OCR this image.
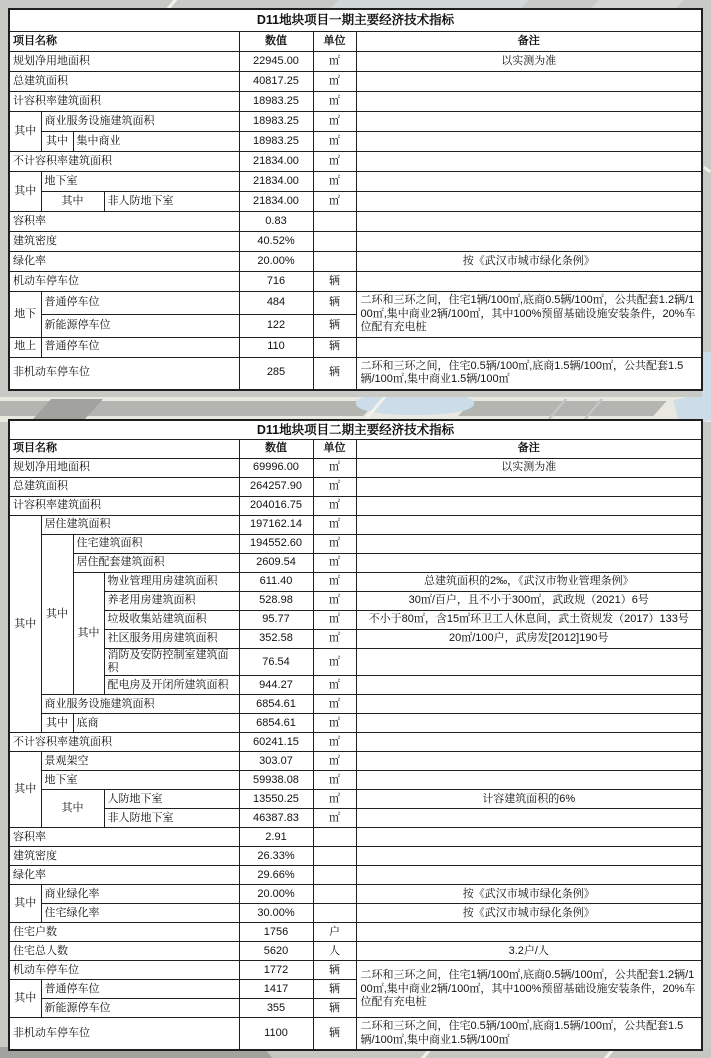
D11地块项目一期主要经济技术指标						
项目名称				数值	单位	备注
规划净用地面积				22945.00	㎡	以实测为准
总建筑面积				40817.25	㎡	
计容积率建筑面积				18983.25	㎡	
其中	商业服务设施建筑面积			18983.25	㎡	
	其中	集中商业		18983.25	㎡	
不计容积率建筑面积				21834.00	㎡	
其中	地下室			21834.00	㎡	
	其中		非人防地下室	21834.00	㎡	
容积率				0.83		
建筑密度				40.52%		
绿化率				20.00%		按《武汉市城市绿化条例》
机动车停车位				716	辆	
地下	普通停车位			484	辆	二环和三环之间，住宅1辆/100㎡,底商0.5辆/100㎡，公共配套1.2辆/100㎡,集中商业2辆/100㎡，其中100%预留基础设施安装条件，20%车位配有充电桩
	新能源停车位			122	辆	
地上	普通停车位			110	辆	
非机动车停车位				285	辆	二环和三环之间，住宅0.5辆/100㎡,底商1.5辆/100㎡，公共配套1.5辆/100㎡,集中商业1.5辆/100㎡
D11地块项目二期主要经济技术指标						
项目名称				数值	单位	备注
规划净用地面积				69996.00	㎡	以实测为准
总建筑面积				264257.90	㎡	
计容积率建筑面积				204016.75	㎡	
其中	居住建筑面积			197162.14	㎡	
	其中	住宅建筑面积		194552.60	㎡	
		居住配套建筑面积		2609.54	㎡	
		其中	物业管理用房建筑面积	611.40	㎡	总建筑面积的2‰，《武汉市物业管理条例》
			养老用房建筑面积	528.98	㎡	30㎡/百户，且不小于300㎡，武政规（2021）6号
			垃圾收集站建筑面积	95.77	㎡	不小于80㎡，含15㎡环卫工人休息间，武土资规发（2017）133号
			社区服务用房建筑面积	352.58	㎡	20㎡/100户，武房发[2012]190号
			消防及安防控制室建筑面积	76.54	㎡	
			配电房及开闭所建筑面积	944.27	㎡	
	商业服务设施建筑面积			6854.61	㎡	
	其中	底商		6854.61	㎡	
不计容积率建筑面积				60241.15	㎡	
其中	景观架空			303.07	㎡	
	地下室			59938.08	㎡	
	其中		人防地下室	13550.25	㎡	计容建筑面积的6%
			非人防地下室	46387.83	㎡	
容积率				2.91		
建筑密度				26.33%		
绿化率				29.66%		
其中	商业绿化率			20.00%		按《武汉市城市绿化条例》
	住宅绿化率			30.00%		按《武汉市城市绿化条例》
住宅户数				1756	户	
住宅总人数				5620	人	3.2户/人
机动车停车位				1772	辆	二环和三环之间，住宅1辆/100㎡,底商0.5辆/100㎡，公共配套1.2辆/100㎡,集中商业2辆/100㎡，其中100%预留基础设施安装条件，20%车位配有充电桩
其中	普通停车位			1417	辆	
	新能源停车位			355	辆	
非机动车停车位				1100	辆	二环和三环之间，住宅0.5辆/100㎡,底商1.5辆/100㎡，公共配套1.5辆/100㎡,集中商业1.5辆/100㎡
